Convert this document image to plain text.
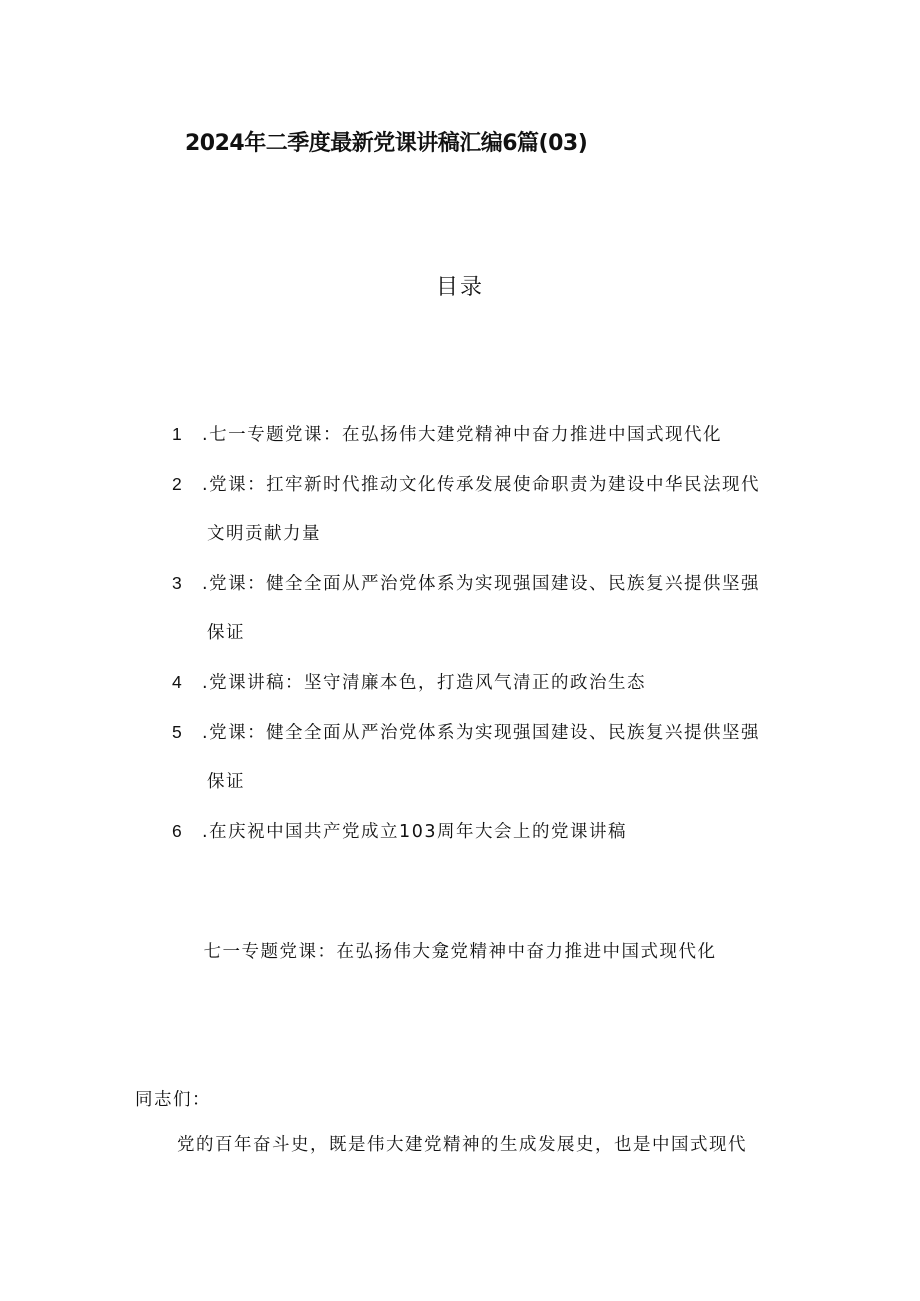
2024年二季度最新党课讲稿汇编6篇(03)
目录
1 .七一专题党课：在弘扬伟大建党精神中奋力推进中国式现代化
2 .党课：扛牢新时代推动文化传承发展使命职责为建设中华民法现代
文明贡献力量
3 .党课：健全全面从严治党体系为实现强国建设、民族复兴提供坚强
保证
4 .党课讲稿：坚守清廉本色，打造风气清正的政治生态
5 .党课：健全全面从严治党体系为实现强国建设、民族复兴提供坚强
保证
6 .在庆祝中国共产党成立103周年大会上的党课讲稿
七一专题党课：在弘扬伟大龛党精神中奋力推进中国式现代化
同志们：
党的百年奋斗史，既是伟大建党精神的生成发展史，也是中国式现代
